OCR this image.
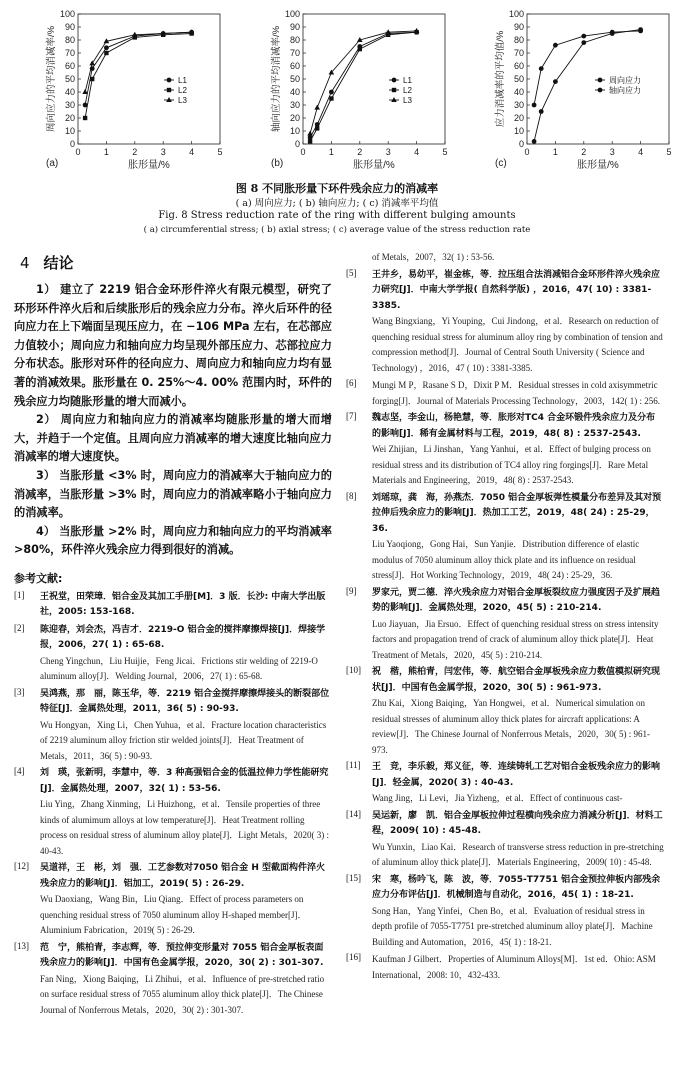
0
10
20
30
40
50
60
70
80
90
100
0	1	2	3	4	5
胀形量/%
周向应力的平均消减率/%
(a)
L1
L2
L3
0
10
20
30
40
50
60
70
80
90
100
0	1	2	3	4	5
胀形量/%
轴向应力的平均消减率/%
(b)
L1
L2
L3
0
10
20
30
40
50
60
70
80
90
100
0	1	2	3	4	5
胀形量/%
应力消减率的平均值/%
(c)
周向应力
轴向应力
图 8 不同胀形量下环件残余应力的消减率
( a) 周向应力; ( b) 轴向应力; ( c) 消减率平均值
Fig. 8 Stress reduction rate of the ring with different bulging amounts
( a) circumferential stress; ( b) axial stress; ( c) average value of the stress reduction rate
4 结论

1） 建立了 2219 铝合金环形件淬火有限元模型，研究了环形环件淬火后和后续胀形后的残余应力分布。淬火后环件的径向应力在上下端面呈现压应力，在 −106 MPa 左右，在芯部应力值较小；周向应力和轴向应力均呈现外部压应力、芯部拉应力分布状态。胀形对环件的径向应力、周向应力和轴向应力均有显著的消减效果。胀形量在 0. 25%～4. 00% 范围内时，环件的残余应力均随胀形量的增大而减小。

2） 周向应力和轴向应力的消减率均随胀形量的增大而增大，并趋于一个定值。且周向应力消减率的增大速度比轴向应力消减率的增大速度快。

3） 当胀形量 <3% 时，周向应力的消减率大于轴向应力的消减率，当胀形量 >3% 时，周向应力的消减率略小于轴向应力的消减率。

4） 当胀形量 >2% 时，周向应力和轴向应力的平均消减率 >80%，环件淬火残余应力得到很好的消减。

参考文献:
[1] 王祝堂，田荣璋．铝合金及其加工手册[M]．3 版．长沙: 中南大学出版社，2005: 153-168.
[2] 陈迎春，刘会杰，冯吉才．2219-O 铝合金的搅拌摩擦焊接[J]．焊接学报，2006，27( 1) : 65-68.
Cheng Yingchun，Liu Huijie，Feng Jicai．Frictions stir welding of 2219-O aluminum alloy[J]．Welding Journal，2006，27( 1) : 65-68.
[3] 吴鸿燕，那　丽，陈玉华，等．2219 铝合金搅拌摩擦焊接头的断裂部位特征[J]．金属热处理，2011，36( 5) : 90-93.
Wu Hongyan，Xing Li，Chen Yuhua，et al．Fracture location characteristics of 2219 aluminum alloy friction stir welded joints[J]．Heat Treatment of Metals，2011，36( 5) : 90-93.
[4] 刘　瑛，张新明，李慧中，等．3 种高强铝合金的低温拉伸力学性能研究[J]．金属热处理，2007，32( 1) : 53-56.
Liu Ying，Zhang Xinming，Li Huizhong，et al．Tensile properties of three kinds of alumimum alloys at low temperature[J]．Heat Treatment rolling process on residual stress of aluminum alloy plate[J]．Light Metals，2020( 3) : 40-43.
[12] 吴道祥，王　彬，刘　强．工艺参数对7050 铝合金 H 型截面构件淬火残余应力的影响[J]．铝加工，2019( 5) : 26-29.
Wu Daoxiang，Wang Bin，Liu Qiang．Effect of process parameters on quenching residual stress of 7050 aluminum alloy H-shaped member[J]．Aluminium Fabrication，2019( 5) : 26-29.
[13] 范　宁，熊柏青，李志辉，等．预拉伸变形量对 7055 铝合金厚板表面残余应力的影响[J]．中国有色金属学报，2020，30( 2) : 301-307.
Fan Ning，Xiong Baiqing，Li Zhihui，et al．Influence of pre-stretched ratio on surface residual stress of 7055 aluminum alloy thick plate[J]．The Chinese Journal of Nonferrous Metals，2020，30( 2) : 301-307.
of Metals，2007，32( 1) : 53-56.
[5] 王井乡，易幼平，崔金栋，等．拉压组合法消减铝合金环形件淬火残余应力研究[J]．中南大学学报( 自然科学版) ，2016，47( 10) : 3381-3385.
Wang Bingxiang，Yi Youping，Cui Jindong，et al．Research on reduction of quenching residual stress for aluminum alloy ring by combination of tension and compression method[J]．Journal of Central South University ( Science and Technology) ，2016，47 ( 10) : 3381-3385.
[6] Mungi M P，Rasane S D，Dixit P M．Residual stresses in cold axisymmetric forging[J]．Journal of Materials Processing Technology，2003，142( 1) : 256.
[7] 魏志坚，李金山，杨艳慧，等．胀形对TC4 合金环锻件残余应力及分布的影响[J]．稀有金属材料与工程，2019，48( 8) : 2537-2543.
Wei Zhijian，Li Jinshan，Yang Yanhui，et al．Effect of bulging process on residual stress and its distribution of TC4 alloy ring forgings[J]．Rare Metal Materials and Engineering，2019，48( 8) : 2537-2543.
[8] 刘瑶琼，龚　海，孙燕杰．7050 铝合金厚板弹性模量分布差异及其对预拉伸后残余应力的影响[J]．热加工工艺，2019，48( 24) : 25-29，36.
Liu Yaoqiong，Gong Hai，Sun Yanjie．Distribution difference of elastic modulus of 7050 aluminum alloy thick plate and its influence on residual stress[J]．Hot Working Technology，2019，48( 24) : 25-29，36.
[9] 罗家元，贾二德．淬火残余应力对铝合金厚板裂纹应力强度因子及扩展趋势的影响[J]．金属热处理，2020，45( 5) : 210-214.
Luo Jiayuan，Jia Ersuo．Effect of quenching residual stress on stress intensity factors and propagation trend of crack of aluminum alloy thick plate[J]．Heat Treatment of Metals，2020，45( 5) : 210-214.
[10] 祝　楷，熊柏青，闫宏伟，等．航空铝合金厚板残余应力数值模拟研究现状[J]．中国有色金属学报，2020，30( 5) : 961-973.
Zhu Kai，Xiong Baiqing，Yan Hongwei，et al．Numerical simulation on residual stresses of aluminum alloy thick plates for aircraft applications: A review[J]．The Chinese Journal of Nonferrous Metals，2020，30( 5) : 961-973.
[11] 王　竞，李乐毅，郑义征，等．连续铸轧工艺对铝合金板残余应力的影响[J]．轻金属，2020( 3) : 40-43.
Wang Jing，Li Levi，Jia Yizheng，et al．Effect of continuous cast-
[14] 吴运新，廖　凯．铝合金厚板拉伸过程横向残余应力消减分析[J]．材料工程，2009( 10) : 45-48.
Wu Yunxin，Liao Kai．Research of transverse stress reduction in pre-stretching of aluminum alloy thick plate[J]．Materials Engineering，2009( 10) : 45-48.
[15] 宋　寒，杨吟飞，陈　波，等．7055-T7751 铝合金预拉伸板内部残余应力分布评估[J]．机械制造与自动化，2016，45( 1) : 18-21.
Song Han，Yang Yinfei，Chen Bo，et al．Evaluation of residual stress in depth profile of 7055-T7751 pre-stretched aluminum alloy plate[J]．Machine Building and Automation，2016，45( 1) : 18-21.
[16] Kaufman J Gilbert．Properties of Aluminum Alloys[M]．1st ed．Ohio: ASM International，2008: 10，432-433.
